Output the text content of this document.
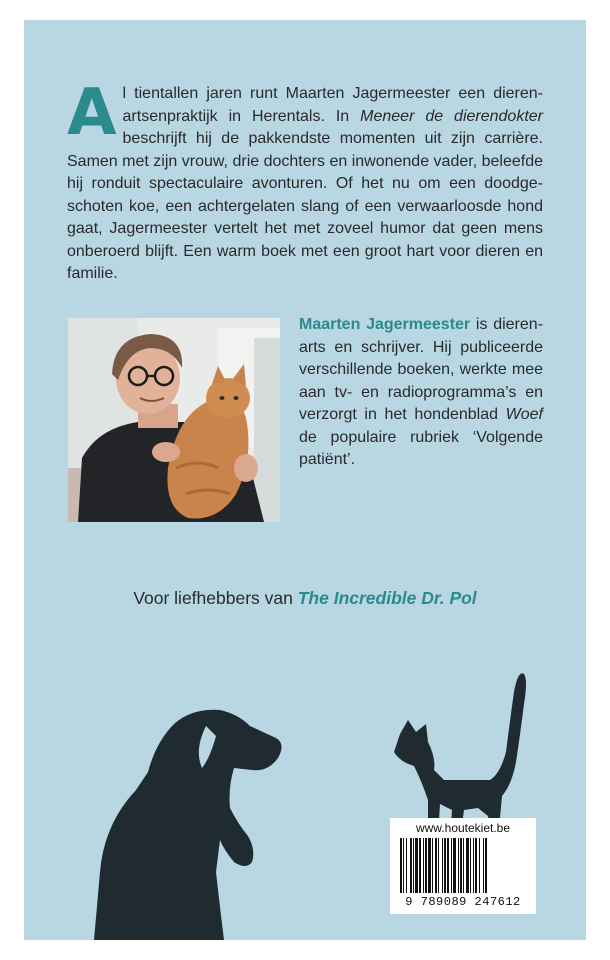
Al tientallen jaren runt Maarten Jagermeester een dierenartsenpraktijk in Herentals. In Meneer de dierendokter beschrijft hij de pakkendste momenten uit zijn carrière. Samen met zijn vrouw, drie dochters en inwonende vader, beleefde hij ronduit spectaculaire avonturen. Of het nu om een doodgeschoten koe, een achtergelaten slang of een verwaarloosde hond gaat, Jagermeester vertelt het met zoveel humor dat geen mens onberoerd blijft. Een warm boek met een groot hart voor dieren en familie.

Maarten Jagermeester is dierenarts en schrijver. Hij publiceerde verschillende boeken, werkte mee aan tv- en radioprogramma’s en verzorgt in het hondenblad Woef de populaire rubriek ‘Volgende patiënt’.

Voor liefhebbers van The Incredible Dr. Pol

www.houtekiet.be
9 789089 247612
